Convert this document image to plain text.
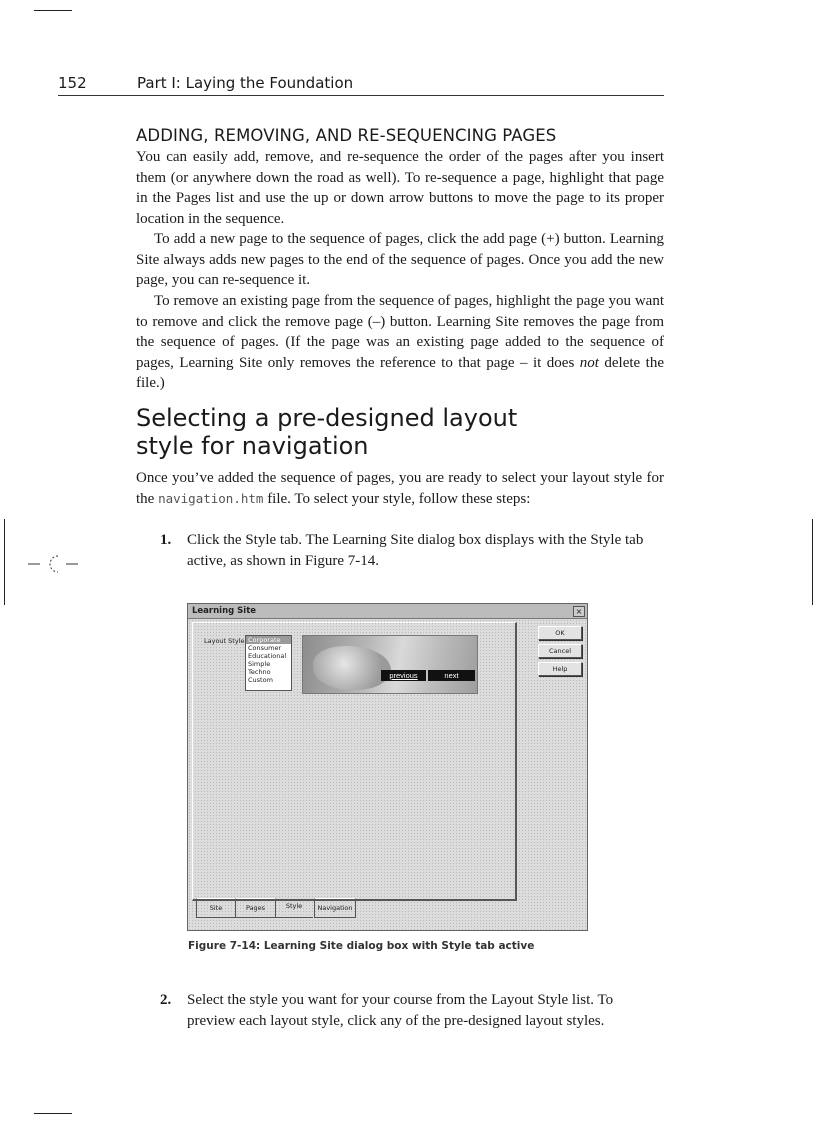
152	Part I: Laying the Foundation
ADDING, REMOVING, AND RE-SEQUENCING PAGES

You can easily add, remove, and re-sequence the order of the pages after you insert them (or anywhere down the road as well). To re-sequence a page, highlight that page in the Pages list and use the up or down arrow buttons to move the page to its proper location in the sequence.

To add a new page to the sequence of pages, click the add page (+) button. Learning Site always adds new pages to the end of the sequence of pages. Once you add the new page, you can re-sequence it.

To remove an existing page from the sequence of pages, highlight the page you want to remove and click the remove page (–) button. Learning Site removes the page from the sequence of pages. (If the page was an existing page added to the sequence of pages, Learning Site only removes the reference to that page – it does not delete the file.)

Selecting a pre-designed layout
style for navigation

Once you’ve added the sequence of pages, you are ready to select your layout style for the navigation.htm file. To select your style, follow these steps:

1. Click the Style tab. The Learning Site dialog box displays with the Style tab active, as shown in Figure 7-14.
Learning Site	×
Layout Style Corporate
Consumer
Educational
Simple
Techno
Custom	previous	next
OK
Cancel
Help
Site	Pages	Style	Navigation
Figure 7-14: Learning Site dialog box with Style tab active
2. Select the style you want for your course from the Layout Style list. To preview each layout style, click any of the pre-designed layout styles.
